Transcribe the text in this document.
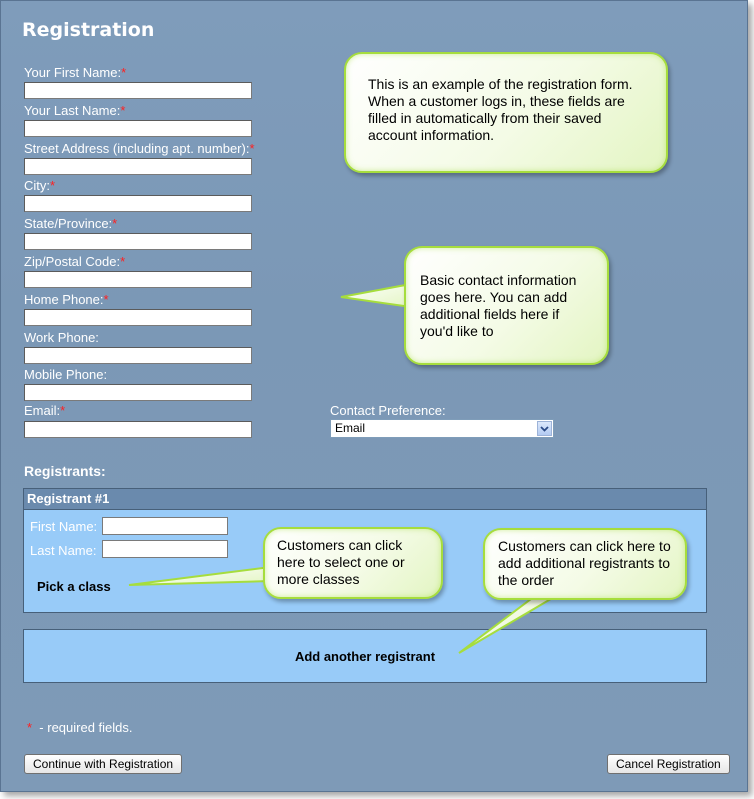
Registration
Your First Name:*
Your Last Name:*
Street Address (including apt. number):*
City:*
State/Province:*
Zip/Postal Code:*
Home Phone:*
Work Phone:
Mobile Phone:
Email:*	Contact Preference:
Email
Registrants:
Registrant #1
First Name:
Last Name:
Pick a class
Add another registrant
* - required fields.
Continue with Registration	Cancel Registration
This is an example of the registration form. When a customer logs in, these fields are filled in automatically from their saved account information.
Basic contact information goes here. You can add additional fields here if you'd like to
Customers can click here to select one or more classes
Customers can click here to add additional registrants to the order
